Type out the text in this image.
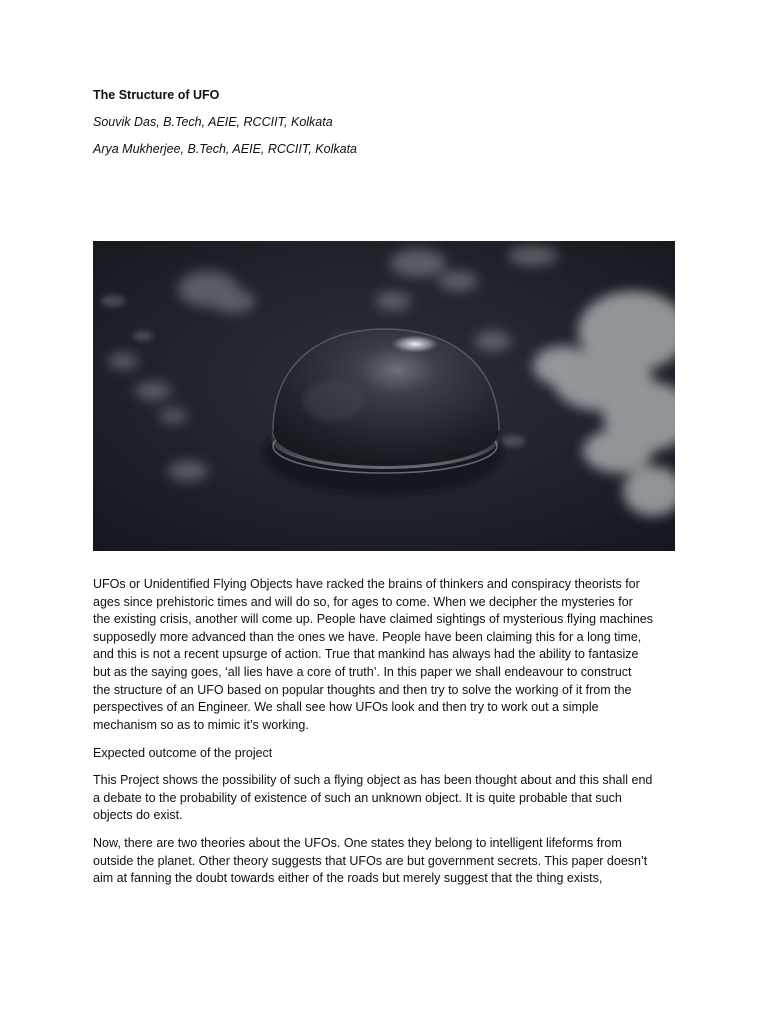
The Structure of UFO
Souvik Das, B.Tech, AEIE, RCCIIT, Kolkata
Arya Mukherjee, B.Tech, AEIE, RCCIIT, Kolkata
UFOs or Unidentified Flying Objects have racked the brains of thinkers and conspiracy theorists for
ages since prehistoric times and will do so, for ages to come. When we decipher the mysteries for
the existing crisis, another will come up. People have claimed sightings of mysterious flying machines
supposedly more advanced than the ones we have. People have been claiming this for a long time,
and this is not a recent upsurge of action. True that mankind has always had the ability to fantasize
but as the saying goes, ‘all lies have a core of truth’. In this paper we shall endeavour to construct
the structure of an UFO based on popular thoughts and then try to solve the working of it from the
perspectives of an Engineer. We shall see how UFOs look and then try to work out a simple
mechanism so as to mimic it’s working.
Expected outcome of the project
This Project shows the possibility of such a flying object as has been thought about and this shall end
a debate to the probability of existence of such an unknown object. It is quite probable that such
objects do exist.
Now, there are two theories about the UFOs. One states they belong to intelligent lifeforms from
outside the planet. Other theory suggests that UFOs are but government secrets. This paper doesn’t
aim at fanning the doubt towards either of the roads but merely suggest that the thing exists,
